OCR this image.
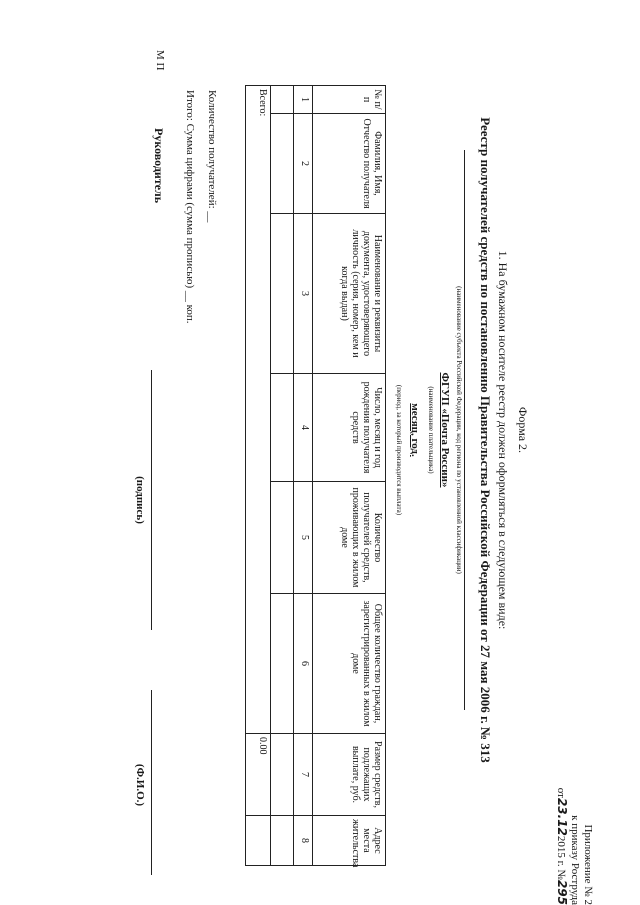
Приложение № 2
к приказу Роструда
от23.122015 г. №295
Форма 2.
1. На бумажном носителе реестр должен оформляться в следующем виде:
Реестр получателей средств по постановлению Правительства Российской Федерации от 27 мая 2006 г. № 313
(наименование субъекта Российской Федерации, код региона по установленной классификации)
ФГУП «Почта России»
(наименование плательщика)
месяц, год.
(период, за который производится выплата)
№ п/п	Фамилия, Имя, Отчество получателя	Наименование и реквизиты документа, удостоверяющего личность (серия, номер, кем и когда выдан)	Число, месяц и год рождения получателя средств	Количество получателей средств, проживающих в жилом доме	Общее количество граждан, зарегистрированных в жилом доме	Размер средств, подлежащих выплате, руб.	Адрес места жительства
1	2	3	4	5	6	7	8

Всего:						0.00	
Количество получателей: __
Итого: Сумма цифрами (сумма прописью) __ коп.
М П
Руководитель
(подпись)
(Ф.И.О.)
